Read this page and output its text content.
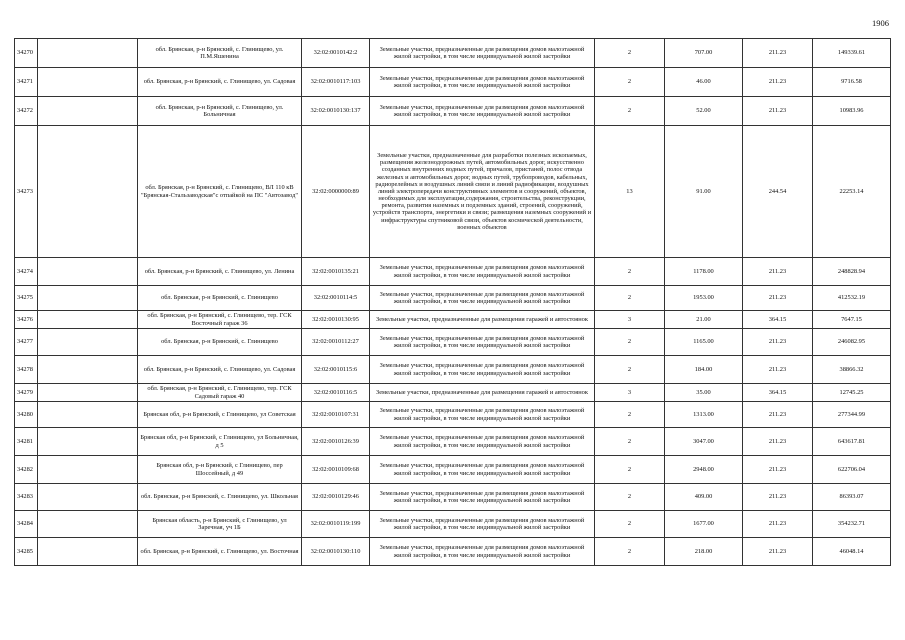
1906
34270		обл. Брянская, р-н Брянский, с. Глинищево, ул. П.М.Яшенина	32:02:0010142:2	Земельные участки, предназначенные для размещения домов малоэтажной жилой застройки, в том числе индивидуальной жилой застройки	2	707.00	211.23	149339.61
34271		обл. Брянская, р-н Брянский, с. Глинищево, ул. Садовая	32:02:0010117:103	Земельные участки, предназначенные для размещения домов малоэтажной жилой застройки, в том числе индивидуальной жилой застройки	2	46.00	211.23	9716.58
34272		обл. Брянская, р-н Брянский, с. Глинищево, ул. Больничная	32:02:0010130:137	Земельные участки, предназначенные для размещения домов малоэтажной жилой застройки, в том числе индивидуальной жилой застройки	2	52.00	211.23	10983.96
34273		обл. Брянская, р-н Брянский, с. Глинищево, ВЛ 110 кВ "Брянская-Стальзаводская"с отпайкой на ПС "Автозавод"	32:02:0000000:89	Земельные участки, предназначенные для разработки полезных ископаемых, размещения железнодорожных путей, автомобильных дорог, искусственно созданных внутренних водных путей, причалов, пристаней, полос отвода железных и автомобильных дорог, водных путей, трубопроводов, кабельных, радиорелейных и воздушных линий связи и линий радиофикации, воздушных линий электропередачи конструктивных элементов и сооружений, объектов, необходимых для эксплуатации,содержания, строительства, реконструкции, ремонта, развития наземных и подземных зданий, строений, сооружений, устройств транспорта, энергетики и связи; размещения наземных сооружений и инфраструктуры спутниковой связи, объектов космической деятельности, военных объектов	13	91.00	244.54	22253.14
34274		обл. Брянская, р-н Брянский, с. Глинищево, ул. Ленина	32:02:0010135:21	Земельные участки, предназначенные для размещения домов малоэтажной жилой застройки, в том числе индивидуальной жилой застройки	2	1178.00	211.23	248828.94
34275		обл. Брянская, р-н Брянский, с. Глинищево	32:02:0010114:5	Земельные участки, предназначенные для размещения домов малоэтажной жилой застройки, в том числе индивидуальной жилой застройки	2	1953.00	211.23	412532.19
34276		обл. Брянская, р-н Брянский, с. Глинищево, тер. ГСК Восточный гараж 36	32:02:0010130:95	Земельные участки, предназначенные для размещения гаражей и автостоянок	3	21.00	364.15	7647.15
34277		обл. Брянская, р-н Брянский, с. Глинищево	32:02:0010112:27	Земельные участки, предназначенные для размещения домов малоэтажной жилой застройки, в том числе индивидуальной жилой застройки	2	1165.00	211.23	246082.95
34278		обл. Брянская, р-н Брянский, с. Глинищево, ул. Садовая	32:02:0010115:6	Земельные участки, предназначенные для размещения домов малоэтажной жилой застройки, в том числе индивидуальной жилой застройки	2	184.00	211.23	38866.32
34279		обл. Брянская, р-н Брянский, с. Глинищево, тер. ГСК Садовый гараж 40	32:02:0010116:5	Земельные участки, предназначенные для размещения гаражей и автостоянок	3	35.00	364.15	12745.25
34280		Брянская обл, р-н Брянский, с Глинищево, ул Советская	32:02:0010107:31	Земельные участки, предназначенные для размещения домов малоэтажной жилой застройки, в том числе индивидуальной жилой застройки	2	1313.00	211.23	277344.99
34281		Брянская обл, р-н Брянский, с Глинищево, ул Больничная, д 5	32:02:0010126:39	Земельные участки, предназначенные для размещения домов малоэтажной жилой застройки, в том числе индивидуальной жилой застройки	2	3047.00	211.23	643617.81
34282		Брянская обл, р-н Брянский, с Глинищево, пер Шоссейный, д 49	32:02:0010109:68	Земельные участки, предназначенные для размещения домов малоэтажной жилой застройки, в том числе индивидуальной жилой застройки	2	2948.00	211.23	622706.04
34283		обл. Брянская, р-н Брянский, с. Глинищево, ул. Школьная	32:02:0010129:46	Земельные участки, предназначенные для размещения домов малоэтажной жилой застройки, в том числе индивидуальной жилой застройки	2	409.00	211.23	86393.07
34284		Брянская область, р-н Брянский, с Глинищево, ул Заречная, уч 1Б	32:02:0010119:199	Земельные участки, предназначенные для размещения домов малоэтажной жилой застройки, в том числе индивидуальной жилой застройки	2	1677.00	211.23	354232.71
34285		обл. Брянская, р-н Брянский, с. Глинищево, ул. Восточная	32:02:0010130:110	Земельные участки, предназначенные для размещения домов малоэтажной жилой застройки, в том числе индивидуальной жилой застройки	2	218.00	211.23	46048.14
